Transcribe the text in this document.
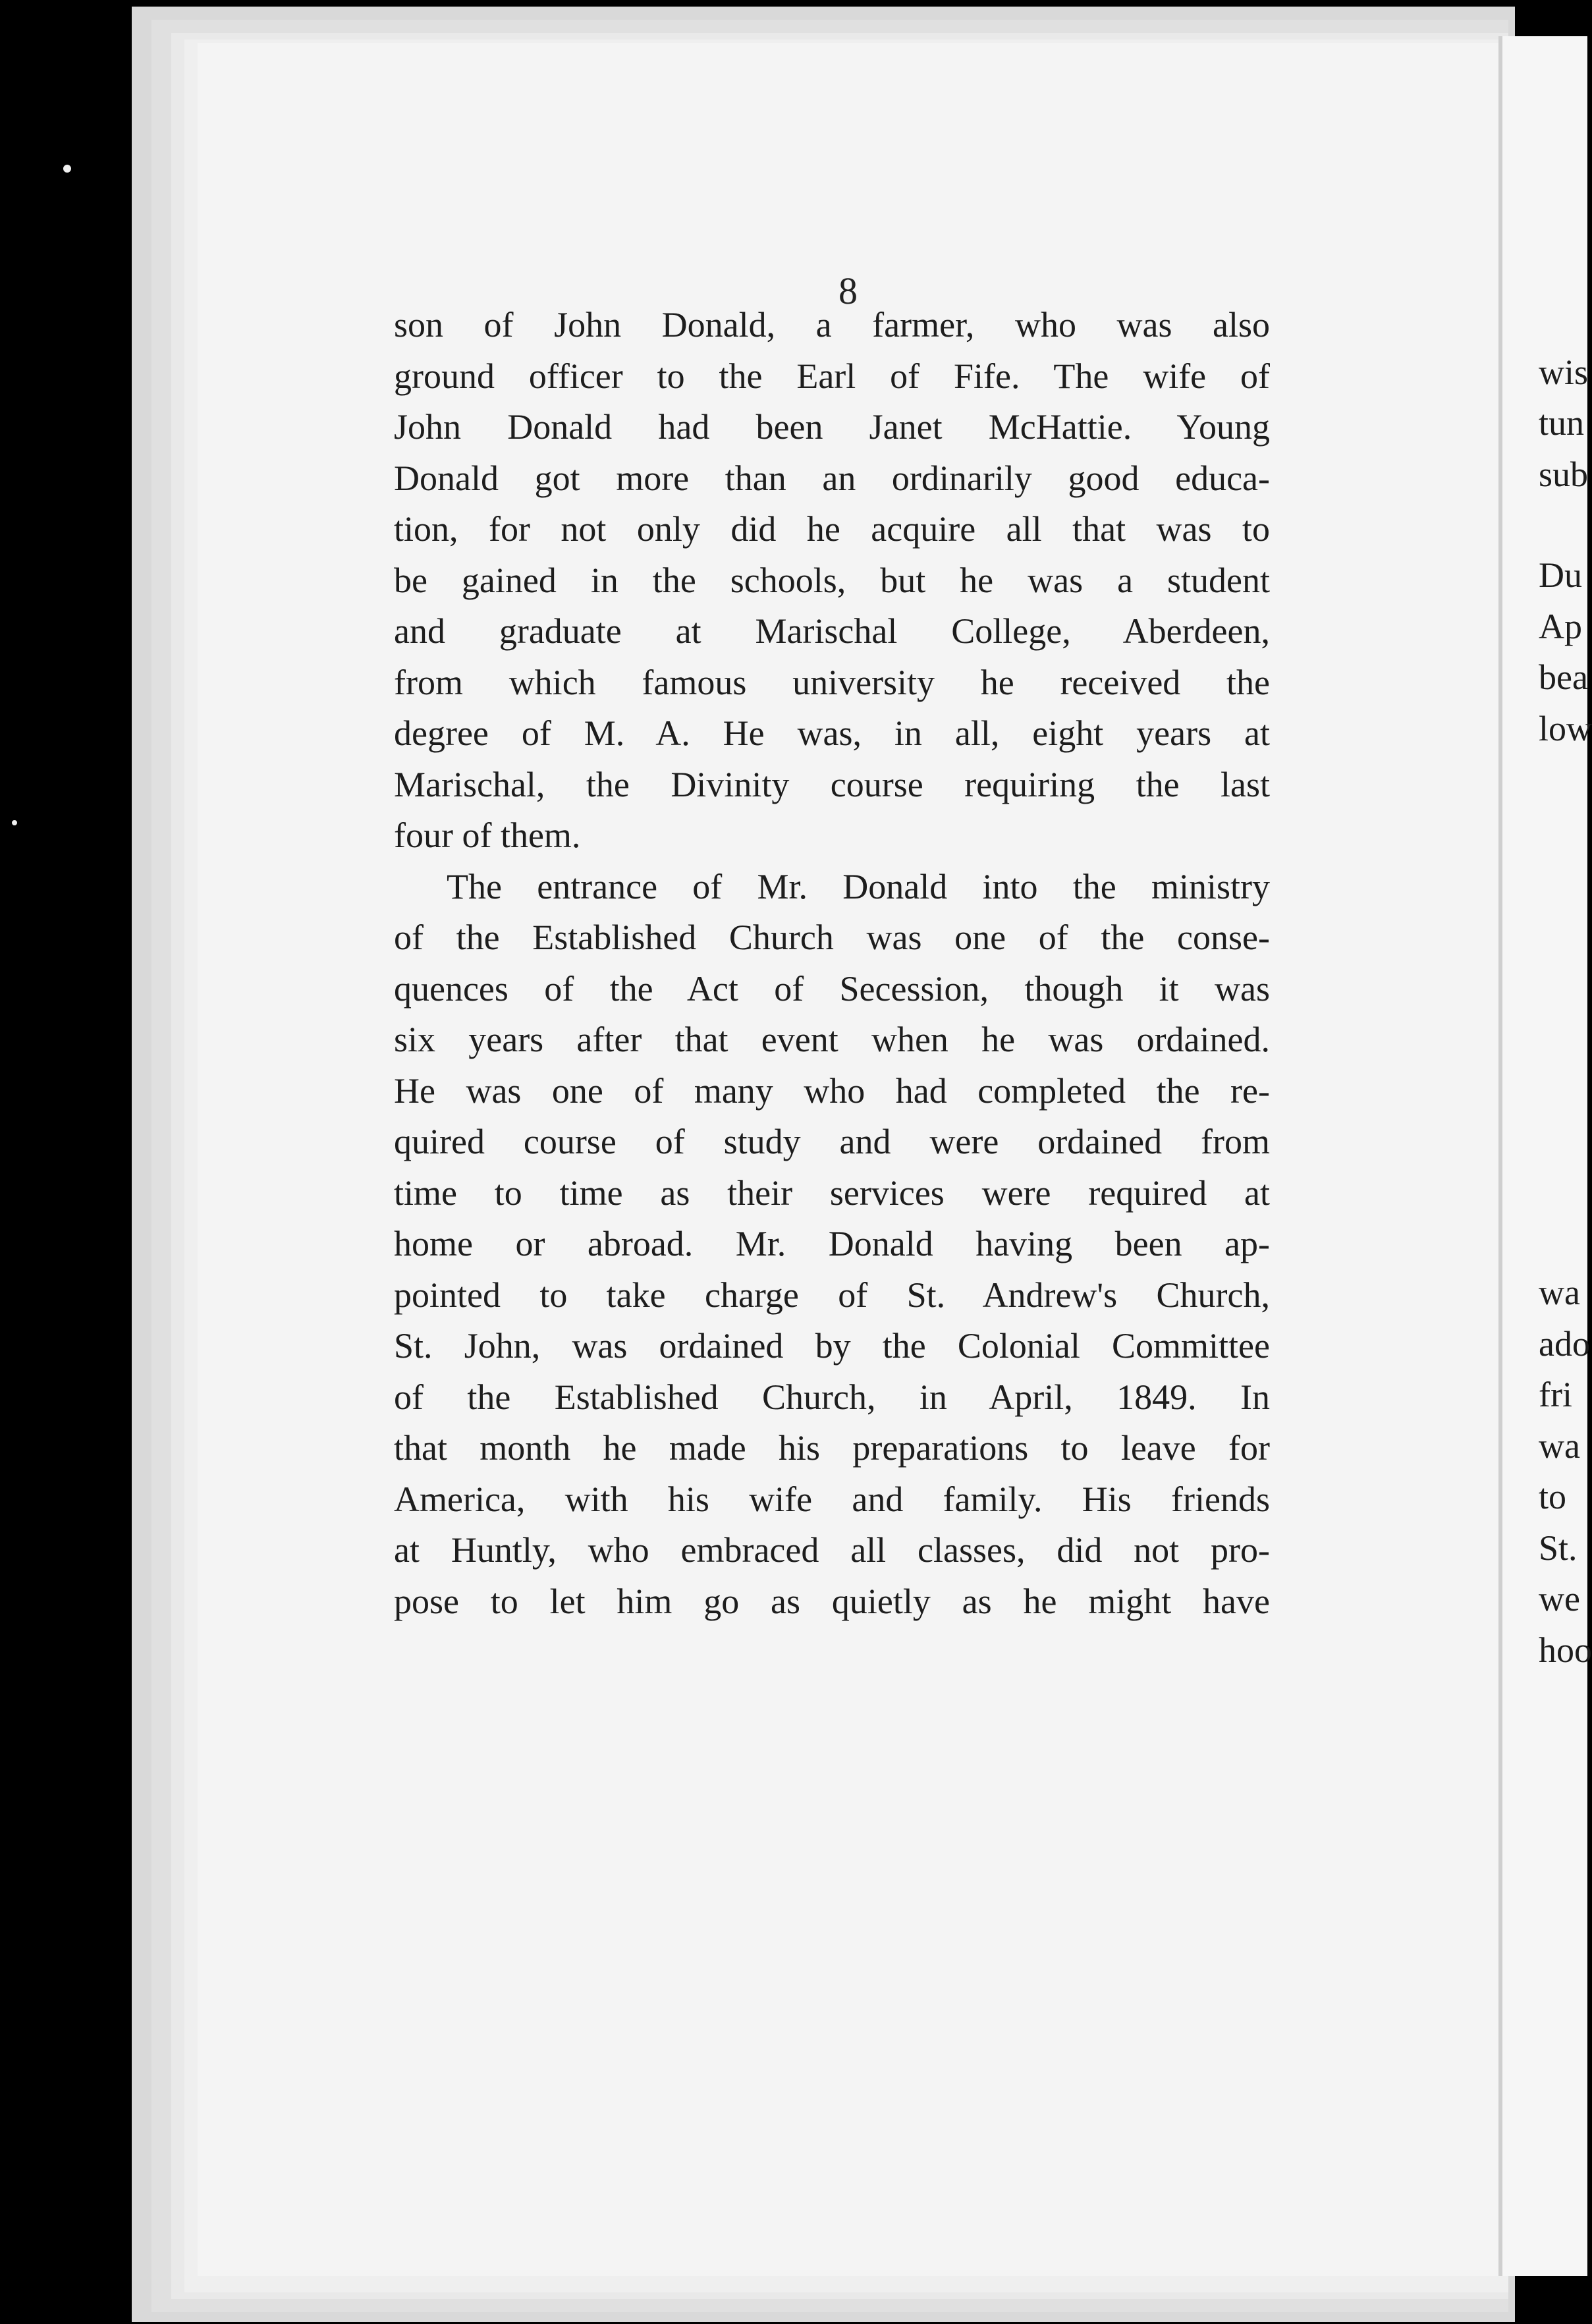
8

son of John Donald, a farmer, who was also

ground officer to the Earl of Fife. The wife of

John Donald had been Janet McHattie. Young

Donald got more than an ordinarily good educa-

tion, for not only did he acquire all that was to

be gained in the schools, but he was a student

and graduate at Marischal College, Aberdeen,

from which famous university he received the

degree of M. A. He was, in all, eight years at

Marischal, the Divinity course requiring the last

four of them.

The entrance of Mr. Donald into the ministry

of the Established Church was one of the conse-

quences of the Act of Secession, though it was

six years after that event when he was ordained.

He was one of many who had completed the re-

quired course of study and were ordained from

time to time as their services were required at

home or abroad. Mr. Donald having been ap-

pointed to take charge of St. Andrew's Church,

St. John, was ordained by the Colonial Committee

of the Established Church, in April, 1849. In

that month he made his preparations to leave for

America, with his wife and family. His friends

at Huntly, who embraced all classes, did not pro-

pose to let him go as quietly as he might have

wis
tun
sub
Du
Ap
bea
low
wa
ado
fri
wa
to
St.
we
hoo
